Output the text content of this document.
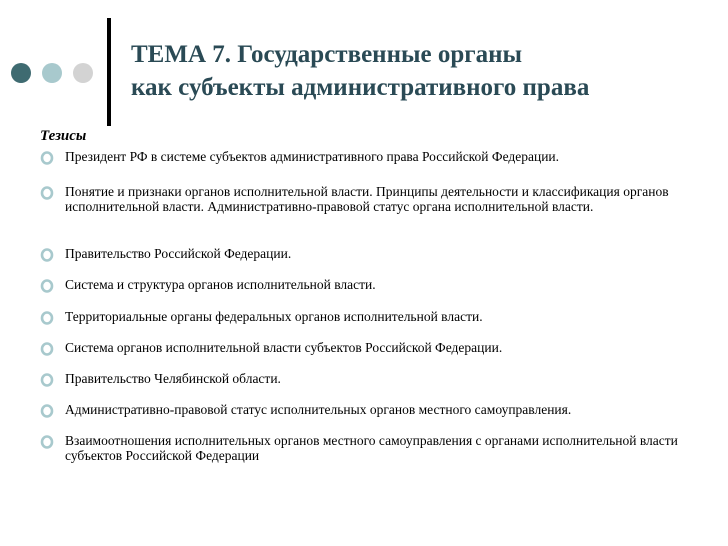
ТЕМА 7. Государственные органы
как субъекты административного права
Тезисы
Президент РФ в системе субъектов административного права Российской Федерации.
Понятие и признаки органов исполнительной власти. Принципы деятельности и классификация органов исполнительной власти. Административно-правовой статус органа исполнительной власти.
Правительство Российской Федерации.
Система и структура органов исполнительной власти.
Территориальные органы федеральных органов исполнительной власти.
Система органов исполнительной власти субъектов Российской Федерации.
Правительство Челябинской области.
Административно-правовой статус исполнительных органов местного самоуправления.
Взаимоотношения исполнительных органов местного самоуправления с органами исполнительной власти субъектов Российской Федерации
